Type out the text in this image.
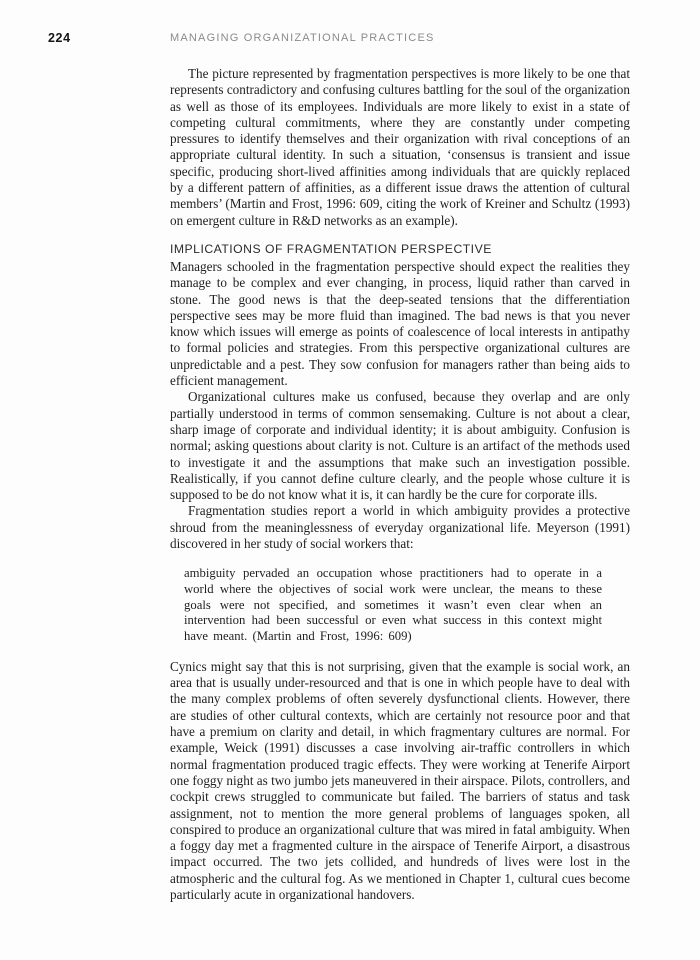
224	MANAGING ORGANIZATIONAL PRACTICES

The picture represented by fragmentation perspectives is more likely to be one that represents contradictory and confusing cultures battling for the soul of the organization as well as those of its employees. Individuals are more likely to exist in a state of competing cultural commitments, where they are constantly under competing pressures to identify themselves and their organization with rival conceptions of an appropriate cultural identity. In such a situation, ‘consensus is transient and issue specific, producing short-lived affinities among individuals that are quickly replaced by a different pattern of affinities, as a different issue draws the attention of cultural members’ (Martin and Frost, 1996: 609, citing the work of Kreiner and Schultz (1993) on emergent culture in R&D networks as an example).

IMPLICATIONS OF FRAGMENTATION PERSPECTIVE

Managers schooled in the fragmentation perspective should expect the realities they manage to be complex and ever changing, in process, liquid rather than carved in stone. The good news is that the deep-seated tensions that the differentiation perspective sees may be more fluid than imagined. The bad news is that you never know which issues will emerge as points of coalescence of local interests in antipathy to formal policies and strategies. From this perspective organizational cultures are unpredictable and a pest. They sow confusion for managers rather than being aids to efficient management.

Organizational cultures make us confused, because they overlap and are only partially understood in terms of common sensemaking. Culture is not about a clear, sharp image of corporate and individual identity; it is about ambiguity. Confusion is normal; asking questions about clarity is not. Culture is an artifact of the methods used to investigate it and the assumptions that make such an investigation possible. Realistically, if you cannot define culture clearly, and the people whose culture it is supposed to be do not know what it is, it can hardly be the cure for corporate ills.

Fragmentation studies report a world in which ambiguity provides a protective shroud from the meaninglessness of everyday organizational life. Meyerson (1991) discovered in her study of social workers that:

ambiguity pervaded an occupation whose practitioners had to operate in a world where the objectives of social work were unclear, the means to these goals were not specified, and sometimes it wasn’t even clear when an intervention had been successful or even what success in this context might have meant. (Martin and Frost, 1996: 609)

Cynics might say that this is not surprising, given that the example is social work, an area that is usually under-resourced and that is one in which people have to deal with the many complex problems of often severely dysfunctional clients. However, there are studies of other cultural contexts, which are certainly not resource poor and that have a premium on clarity and detail, in which fragmentary cultures are normal. For example, Weick (1991) discusses a case involving air-traffic controllers in which normal fragmentation produced tragic effects. They were working at Tenerife Airport one foggy night as two jumbo jets maneuvered in their airspace. Pilots, controllers, and cockpit crews struggled to communicate but failed. The barriers of status and task assignment, not to mention the more general problems of languages spoken, all conspired to produce an organizational culture that was mired in fatal ambiguity. When a foggy day met a fragmented culture in the airspace of Tenerife Airport, a disastrous impact occurred. The two jets collided, and hundreds of lives were lost in the atmospheric and the cultural fog. As we mentioned in Chapter 1, cultural cues become particularly acute in organizational handovers.
